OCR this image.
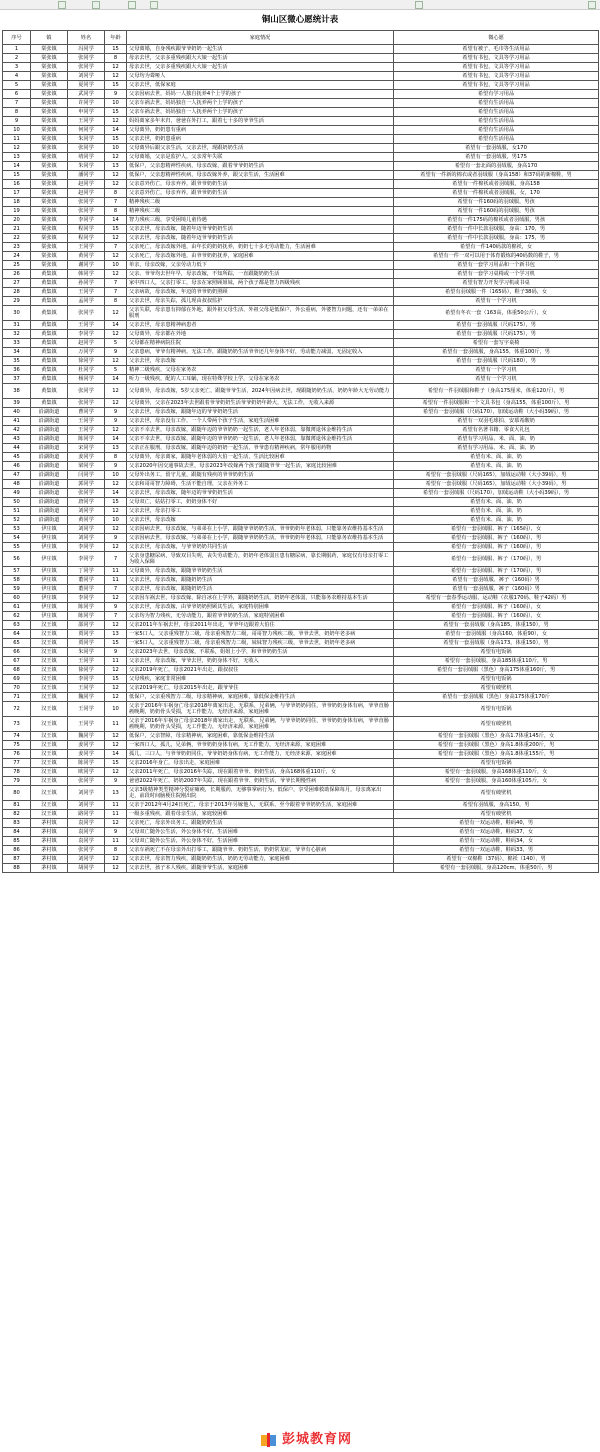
铜山区微心愿统计表
序号	镇	姓名	年龄	家庭情况	微心愿
1	棠张镇	冯同学	15	父母离婚，自身残疾跟爷爷奶奶一起生活	希望有被子，毛巾等生活用品
2	棠张镇	张同学	8	母亲去世，父亲多重残疾跟大大娘一起生活	希望有书包，文具等学习用品
3	棠张镇	张同学	12	母亲去世，父亲多重残疾跟大大娘一起生活	希望有书包，文具等学习用品
4	棠张镇	刘同学	12	父母均为聋哑人	希望有书包，文具等学习用品
5	棠张镇	夏同学	15	父亲去世，低保家庭	希望有书包，文具等学习用品
6	棠张镇	武同学	9	父亲因病去世，妈妈一人独自抚养4个上学的孩子	希望有学习用品
7	棠张镇	许同学	10	父亲车祸去世，妈妈独自一人抚养两个上学的孩子	希望有生活用品
8	棠张镇	申同学	15	父亲车祸去世，妈妈独自一人抚养两个上学的孩子	希望有生活用品
9	棠张镇	王同学	12	妈妈离家多年未归，爸爸在外打工，跟着七十多的爷爷生活	希望有生活用品
10	棠张镇	何同学	14	父母离异，奶奶患有重病	希望有生活用品
11	棠张镇	朱同学	15	父亲去世，奶奶患重病	希望有生活用品
12	棠张镇	张同学	10	父母离异后跟父亲生活，父亲去世，现跟奶奶生活	希望有一套羽绒服，女170
13	棠张镇	靖同学	12	父母离婚，父亲是监护人，父亲常年失联	希望有一套羽绒服，男175
14	棠张镇	朱同学	13	低保户，父亲患精神性疾病，母亲改嫁，跟着爷爷奶奶生活	希望有一套北面的羽绒服，身高170
15	棠张镇	潘同学	12	低保户，父亲患精神性疾病，母亲改嫁外养，跟父亲生活，生活困难	希望有一件新的棉衣或者羽绒服（身高158）和37码的新棉鞋，男
16	棠张镇	赵同学	12	父亲意外伤亡，母亲弃养，跟爷爷奶奶生活	希望有一件棉袄或者羽绒服，身高158
17	棠张镇	赵同学	8	父亲意外伤亡，母亲弃养，跟爷爷奶奶生活	希望有一件棉袄或者羽绒服，女，170
18	棠张镇	张同学	7	精神残疾二级	希望有一件160码的羽绒服，男孩
19	棠张镇	张同学	8	精神残疾二级	希望有一件160码的羽绒服，男孩
20	棠张镇	李同学	14	智力残疾三级，享受困境儿童待遇	希望有一件175码的棉袄或者羽绒服，男孩
21	棠张镇	程同学	15	父亲去世，母亲改嫁，随着年迈爷爷奶奶生活	希望有一件中长款羽绒服，身高：170，男
22	棠张镇	程同学	12	父亲去世，母亲改嫁，随着年迈爷爷奶奶生活	希望有一件中长款羽绒服，身高：175，男
23	棠张镇	王同学	7	父亲死亡，母亲改嫁外地，由年长的奶奶抚养，奶奶七十多无劳动能力，生活困难	希望有一件140码款的棉袄，女
24	棠张镇	黄同学	12	父亲死亡，母亲改嫁外地，由爷爷奶奶抚养，家庭困难	希望有一件一双可以用于体育锻炼的40码数的鞋子，男
25	棠张镇	谢同学	10	单亲，母亲改嫁，父亲劳动力低下	希望有一套学习用品和一个新书包
26	黄集镇	韩同学	12	父亲、爷爷均去世年早，母亲改嫁，不知所踪，一直跟随奶奶生活	希望有一套学习桌椅或一个学习机
27	黄集镇	孙同学	7	家中四口人，父亲打零工，母亲在家照顾姐妹，两个孩子都是智力四级残疾	希望有智力开发学习机或书桌
28	黄集镇	王同学	7	父亲病故，母亲改嫁，年迈的爷爷奶奶照顾	希望有羽绒服一件（165码），鞋子38码，女
29	黄集镇	孟同学	8	父亲去世，母亲失踪，孤儿现由叔叔监护	希望有一个学习机
30	黄集镇	张同学	12	父亲失联，母亲患有抑郁在外地，跟外祖父母生活、外祖父母是低保户，外公重病，外婆智力问题，还有一弟弟在服刑	希望有冬衣一套（163高，体重50公斤），女
31	黄集镇	王同学	14	父亲去世，母亲患精神病患者	希望有一套羽绒服（尺码175），男
32	黄集镇	李同学	12	父母离异，母亲都在外地	希望有一套羽绒服（尺码175），男
33	黄集镇	赵同学	5	父母都在精神病院住院	希望有一套写字桌椅
34	黄集镇	万同学	9	父亲患病，爷爷有精神病，无法工作，跟随奶奶生活爷爷还几年身体不好，劳动能力减弱，无固定收入	希望有一套羽绒服，身高155，体重100斤，男
35	黄集镇	徐同学	12	父亲去世，母亲改嫁	希望有一套羽绒服（尺码180），男
36	黄集镇	杜同学	5	精神二级残疾，父母在家务农	希望有一个学习机
37	黄集镇	杨同学	14	听力一级残疾，配的人工耳蜗，现在特殊学校上学，父母在家务农	希望有一个学习机
38	黄集镇	张同学	12	父母离异，母亲改嫁，5岁父亲死亡，跟随爷爷生活，2024年因病去世，现跟随奶奶生活，奶奶年龄大无劳动能力	希望有一件羽绒服和鞋子（身高175厘米，体重120斤），男
39	黄集镇	张同学	12	父母离异，父亲在2023年去世跟着爷爷奶奶生活爷爷奶奶年龄大，无法工作，无收入来源	希望有一件羽绒服和一个文具书包（身高155，体重100斤），男
40	沿湖街道	曹同学	9	父亲去世，母亲改嫁，跟随年迈的爷爷奶奶生活	希望有一套羽绒服（尺码170），加绒运动鞋（大小码39码），男
41	沿湖街道	王同学	9	父亲去世，母亲没有工作，一个人带两个孩子生活，家庭生活困难	希望有一双羽毛球拍、安慕希酸奶
42	沿湖街道	王同学	12	父亲不幸去世，母亲改嫁，跟随年迈的爷爷奶奶一起生活，老人年老体弱，靠微薄退休金维持生活	希望有名著书籍、零食大礼包
43	沿湖街道	陈同学	14	父亲不幸去世，母亲改嫁，跟随年迈的爷爷奶奶一起生活，老人年老体弱，靠微薄退休金维持生活	希望有学习用品、米、面、油、奶
44	沿湖街道	宋同学	13	父亲正在服刑，母亲改嫁，跟随年迈的奶奶一起生活，爷爷患有精神疾病，常年服用药物	希望有学习用品、米、面、油、奶
45	沿湖街道	姜同学	8	父母离异，母亲离家，跟随年老体弱的大伯一起生活，生活比较困难	希望有米、面、油、奶
46	沿湖街道	梁同学	9	父亲2020年因交通事故去世，母亲2023年改嫁两个孩子跟随爷爷一起生活，家庭比较困难	希望有米、面、油、奶
47	沿湖街道	闫同学	10	父母外出务工，留守儿童，跟随有残疾的爷爷奶奶生活	希望有一套羽绒服（尺码165），加绒运动鞋（大小39码），男
48	沿湖街道	郭同学	12	父亲和哥哥智力障碍，生活不能自理，父亲在外务工	希望有一套羽绒服（尺码165），加绒运动鞋（大小39码），男
49	沿湖街道	张同学	14	父亲去世，母亲改嫁，随年迈的爷爷奶奶生活	希望有一套羽绒服（尺码170），加绒运动鞋（大小码39码），男
50	沿湖街道	唐同学	15	父母双亡，姑姑打零工，奶奶身体不好	希望有米、面、油、奶
51	沿湖街道	刘同学	12	父亲去世，母亲打零工	希望有米、面、油、奶
52	沿湖街道	黄同学	10	父亲去世，母亲改嫁	希望有米、面、油、奶
53	伊庄镇	刘同学	12	父亲因病去世，母亲改嫁，与弟弟在上小学，跟随爷爷奶奶生活，爷爷奶奶年老体弱，只能靠务农维持基本生活	希望有一套羽绒服、裤子（165码），女
54	伊庄镇	刘同学	9	父亲因病去世，母亲改嫁，与弟弟在上小学，跟随爷爷奶奶生活，爷爷奶奶年老体弱，只能靠务农维持基本生活	希望有一套羽绒服、裤子（160码），男
55	伊庄镇	李同学	12	父亲去世，母亲改嫁，与爷爷奶奶共同生活	希望有一套羽绒服、裤子（160码），男
56	伊庄镇	李同学	7	父亲身患糖尿病，导致双目失明，丧失劳动能力，奶奶年老体弱且患有糖尿病，靠长期服药，家庭仅有母亲打零工为收入保障	希望有一套羽绒服、裤子（170码），男
57	伊庄镇	丁同学	11	父母离异，母亲改嫁，跟随爷爷奶奶生活	希望有一套羽绒服、裤子（170码），男
58	伊庄镇	董同学	11	父亲去世，母亲改嫁，跟随奶奶生活	希望有一套羽绒服、裤子（160码）男
59	伊庄镇	董同学	7	父亲去世，母亲改嫁，跟随奶奶生活	希望有一套羽绒服、裤子（160码）男
60	伊庄镇	李同学	12	父亲因车祸去世，母亲改嫁，除自冰在上学外，跟随奶奶生活，奶奶年老体弱，只能靠务农维持基本生活	希望有一套春季运动服、运动鞋（衣服170码、鞋子42码）男
61	伊庄镇	陈同学	9	父亲去世，母亲改嫁，由爷爷奶奶照顾其生活，家庭特别困难	希望有一套羽绒服、裤子（160码），女
62	伊庄镇	陈同学	7	父亲均为智力残疾，无劳动能力，跟着爷爷奶奶生活，家庭特别困难	希望有一套羽绒服、裤子（160码），女
63	汉王镇	邵同学	12	父亲2011年车祸去世，母亲2011年出走，爷爷年迈跟着大伯住	希望有一套羽绒服（身高185，体重150），男
64	汉王镇	贾同学	13	一家5口人，父亲重残智力二级，母亲重残智力二级，哥哥智力残疾二级，爷爷去世，奶奶年老多病	希望有一套羽绒服（身高160，体重90），女
65	汉王镇	贾同学	15	一家5口人，父亲重残智力二级，母亲重残智力二级，妹妹智力残疾三级，爷爷去世，奶奶年老多病	希望有一套羽绒服（身高173，体重150），男
66	汉王镇	朱同学	9	父亲2023年去世，母亲改嫁，不联系，姐姐上小学，和爷爷奶奶生活	希望有电饭锅
67	汉王镇	王同学	11	父亲去世，母亲改嫁，爷爷去世，奶奶身体不好，无收入	希望有一套羽绒服，身高185体重110斤，男
68	汉王镇	徐同学	12	父亲2019年死亡，母亲2021年出走，跟叔叔住	希望有一套羽绒服（黑色）身高175体重160斤，男
69	汉王镇	李同学	15	父母残疾，家庭非常困难	希望有电饭锅
70	汉王镇	王同学	12	父亲2019年死亡，母亲2015年出走，跟爷爷住	希望有破壁机
71	汉王镇	魏同学	12	低保户，父亲重残智力二级，母亲精神病，家庭困难，靠低保金维持生活	希望有一套羽绒服（黑色）身高175体重170斤
72	汉王镇	王同学	10	父亲于2016年车祸身亡母亲2018年离家出走，无联系，兄弟俩，与爷爷奶奶同住，爷爷奶奶身体有病，爷爷直肠癌晚期，奶奶骨头受损，无工作能力，无经济来源，家庭困难	希望有电饭锅
73	汉王镇	王同学	11	父亲于2016年车祸身亡母亲2018年离家出走，无联系，兄弟俩，与爷爷奶奶同住，爷爷奶奶身体有病，爷爷直肠癌晚期，奶奶骨头受损，无工作能力，无经济来源，家庭困难	希望有破壁机
74	汉王镇	魏同学	12	低保户，父亲智障，母亲精神病，家庭困难，靠低保金维持生活	希望有一套羽绒服（黑色）身高1.7体重145斤，女
75	汉王镇	姜同学	12	一家四口人，孤儿，兄弟俩，爷爷奶奶身体有病，无工作能力，无经济来源，家庭困难	希望有一套羽绒服（黑色）身高1.8体重200斤，男
76	汉王镇	姜同学	14	孤儿，三口人，与爷爷奶奶同住，爷爷奶奶身体有病，无工作能力，无经济来源，家庭困难	希望有一套羽绒服（黑色）身高1.8体重155斤，男
77	汉王镇	陈同学	15	父亲2016年身亡，母亲出走，家庭困难	希望有电饭锅
78	汉王镇	欧同学	12	父亲2011年死亡，母亲2016年失踪，现在跟着爷爷、奶奶生活，身高168体重110斤，女	希望有一套羽绒服，身高168体重110斤，女
79	汉王镇	张同学	9	爸爸2022年死亡，奶奶2007年失踪，现在跟着爷爷、奶奶生活，爷爷长期慢性病	希望有一套羽绒服，身高160体重105斤，女
80	汉王镇	刘同学	13	父亲3级精神类型精神分裂症瘫痪，长期服药，无够事掌病行为，低保户，享受困难救助保障每月，母亲离家出走，前段时间脑梗住院刚出院	希望有破壁机
81	汉王镇	刘同学	11	父亲于2012年4月24日死亡，母亲于2013年另嫁他人，无联系，至今跟着爷爷奶奶生活，家庭困难	希望有羽绒服，身高150，男
82	汉王镇	路同学	11	一级多重残疾，跟着母亲生活，家庭较困难	希望有破壁机
83	茅村镇	袁同学	12	父亲死亡，母亲外出务工，跟随奶奶生活	希望有一双运动鞋，鞋码40，男
84	茅村镇	袁同学	9	父母双亡随外公生活，外公身体不好，生活困难	希望有一双运动鞋，鞋码37，女
85	茅村镇	袁同学	11	父母双亡随外公生活，外公身体不好，生活困难	希望有一双运动鞋，鞋码34，女
86	茅村镇	张同学	8	父亲车祸死亡不在母亲外出打零工，跟随爷爷、奶奶生活，奶奶常龙症，爷爷有心脏病	希望有一双运动鞋，鞋码33，男
87	茅村镇	刘同学	12	父亲去世，母亲智力残疾，跟随奶奶生活，奶奶无劳动能力，家庭困难	希望有一双棉鞋（37码），棉袄（140），男
88	茅村镇	胡同学	12	父亲去世，孩子本人残疾，跟随爷爷生活，家庭困难	希望有一套羽绒服，身高120cm，体重50斤，男
彭城教育网
